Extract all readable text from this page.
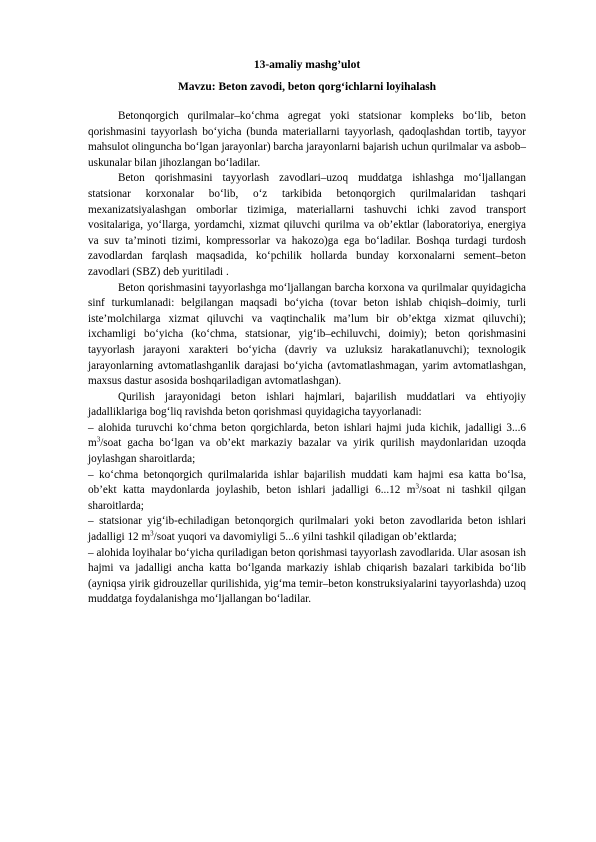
13-amaliy mashg’ulot
Mavzu: Beton zavodi, beton qorg‘ichlarni loyihalash

Betonqorgich qurilmalar–ko‘chma agregat yoki statsionar kompleks bo‘lib, beton qorishmasini tayyorlash bo‘yicha (bunda materiallarni tayyorlash, qadoqlashdan tortib, tayyor mahsulot olinguncha bo‘lgan jarayonlar) barcha jarayonlarni bajarish uchun qurilmalar va asbob–uskunalar bilan jihozlangan bo‘ladilar.

Beton qorishmasini tayyorlash zavodlari–uzoq muddatga ishlashga mo‘ljallangan statsionar korxonalar bo‘lib, o‘z tarkibida betonqorgich qurilmalaridan tashqari mexanizatsiyalashgan omborlar tizimiga, materiallarni tashuvchi ichki zavod transport vositalariga, yo‘llarga, yordamchi, xizmat qiluvchi qurilma va ob’ektlar (laboratoriya, energiya va suv ta’minoti tizimi, kompressorlar va hakozo)ga ega bo‘ladilar. Boshqa turdagi turdosh zavodlardan farqlash maqsadida, ko‘pchilik hollarda bunday korxonalarni sement–beton zavodlari (SBZ) deb yuritiladi .

Beton qorishmasini tayyorlashga mo‘ljallangan barcha korxona va qurilmalar quyidagicha sinf turkumlanadi: belgilangan maqsadi bo‘yicha (tovar beton ishlab chiqish–doimiy, turli iste’molchilarga xizmat qiluvchi va vaqtinchalik ma’lum bir ob’ektga xizmat qiluvchi); ixchamligi bo‘yicha (ko‘chma, statsionar, yig‘ib–echiluvchi, doimiy); beton qorishmasini tayyorlash jarayoni xarakteri bo‘yicha (davriy va uzluksiz harakatlanuvchi); texnologik jarayonlarning avtomatlashganlik darajasi bo‘yicha (avtomatlashmagan, yarim avtomatlashgan, maxsus dastur asosida boshqariladigan avtomatlashgan).

Qurilish jarayonidagi beton ishlari hajmlari, bajarilish muddatlari va ehtiyojiy jadalliklariga bog‘liq ravishda beton qorishmasi quyidagicha tayyorlanadi:

– alohida turuvchi ko‘chma beton qorgichlarda, beton ishlari hajmi juda kichik, jadalligi 3...6 $m^3$/soat gacha bo‘lgan va ob’ekt markaziy bazalar va yirik qurilish maydonlaridan uzoqda joylashgan sharoitlarda;

– ko‘chma betonqorgich qurilmalarida ishlar bajarilish muddati kam hajmi esa katta bo‘lsa, ob’ekt katta maydonlarda joylashib, beton ishlari jadalligi 6...12 $m^3$/soat ni tashkil qilgan sharoitlarda;

– statsionar yig‘ib-echiladigan betonqorgich qurilmalari yoki beton zavodlarida beton ishlari jadalligi 12 $m^3$/soat yuqori va davomiyligi 5...6 yilni tashkil qiladigan ob’ektlarda;

– alohida loyihalar bo‘yicha quriladigan beton qorishmasi tayyorlash zavodlarida. Ular asosan ish hajmi va jadalligi ancha katta bo‘lganda markaziy ishlab chiqarish bazalari tarkibida bo‘lib (ayniqsa yirik gidrouzellar qurilishida, yig‘ma temir–beton konstruksiyalarini tayyorlashda) uzoq muddatga foydalanishga mo‘ljallangan bo‘ladilar.
